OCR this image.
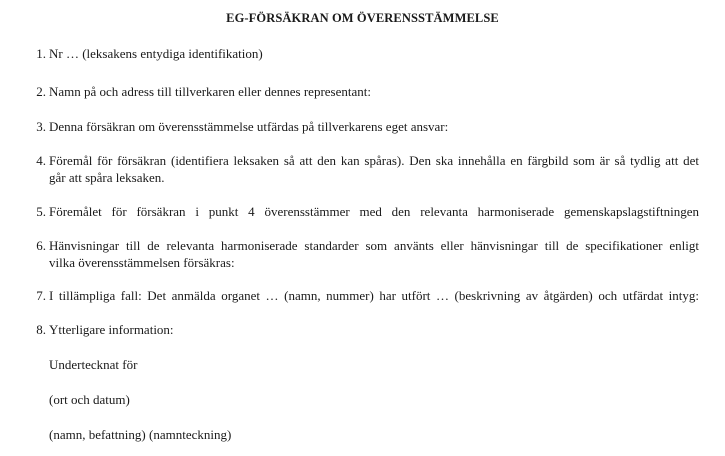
EG-FÖRSÄKRAN OM ÖVERENSSTÄMMELSE
1. Nr … (leksakens entydiga identifikation)
2. Namn på och adress till tillverkaren eller dennes representant:
3. Denna försäkran om överensstämmelse utfärdas på tillverkarens eget ansvar:
4. Föremål för försäkran (identifiera leksaken så att den kan spåras). Den ska innehålla en färgbild som är så tydlig att det
går att spåra leksaken.
5. Föremålet för försäkran i punkt 4 överensstämmer med den relevanta harmoniserade gemenskapslagstiftningen
6. Hänvisningar till de relevanta harmoniserade standarder som använts eller hänvisningar till de specifikationer enligt
vilka överensstämmelsen försäkras:
7. I tillämpliga fall: Det anmälda organet … (namn, nummer) har utfört … (beskrivning av åtgärden) och utfärdat intyg:
8. Ytterligare information:
Undertecknat för
(ort och datum)
(namn, befattning) (namnteckning)
